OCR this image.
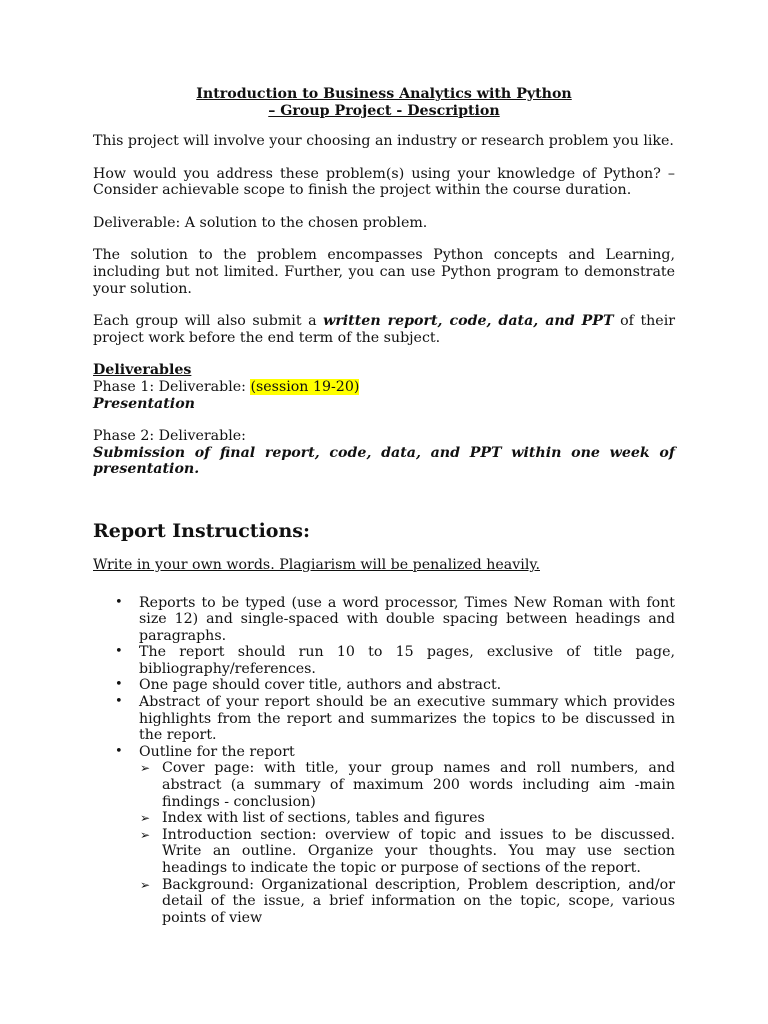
Introduction to Business Analytics with Python

– Group Project - Description

This project will involve your choosing an industry or research problem you like.

How would you address these problem(s) using your knowledge of Python? – Consider achievable scope to finish the project within the course duration.

Deliverable: A solution to the chosen problem.

The solution to the problem encompasses Python concepts and Learning, including but not limited. Further, you can use Python program to demonstrate your solution.

Each group will also submit a written report, code, data, and PPT of their project work before the end term of the subject.

Deliverables

Phase 1: Deliverable: (session 19-20)

Presentation

Phase 2: Deliverable:

Submission of final report, code, data, and PPT within one week of presentation.

Report Instructions:

Write in your own words. Plagiarism will be penalized heavily.

• Reports to be typed (use a word processor, Times New Roman with font size 12) and single-spaced with double spacing between headings and paragraphs.
• The report should run 10 to 15 pages, exclusive of title page, bibliography/references.
• One page should cover title, authors and abstract.
• Abstract of your report should be an executive summary which provides highlights from the report and summarizes the topics to be discussed in the report.
• Outline for the report
➢ Cover page: with title, your group names and roll numbers, and abstract (a summary of maximum 200 words including aim -main findings - conclusion)
➢ Index with list of sections, tables and figures
➢ Introduction section: overview of topic and issues to be discussed. Write an outline. Organize your thoughts. You may use section headings to indicate the topic or purpose of sections of the report.
➢ Background: Organizational description, Problem description, and/or detail of the issue, a brief information on the topic, scope, various points of view
